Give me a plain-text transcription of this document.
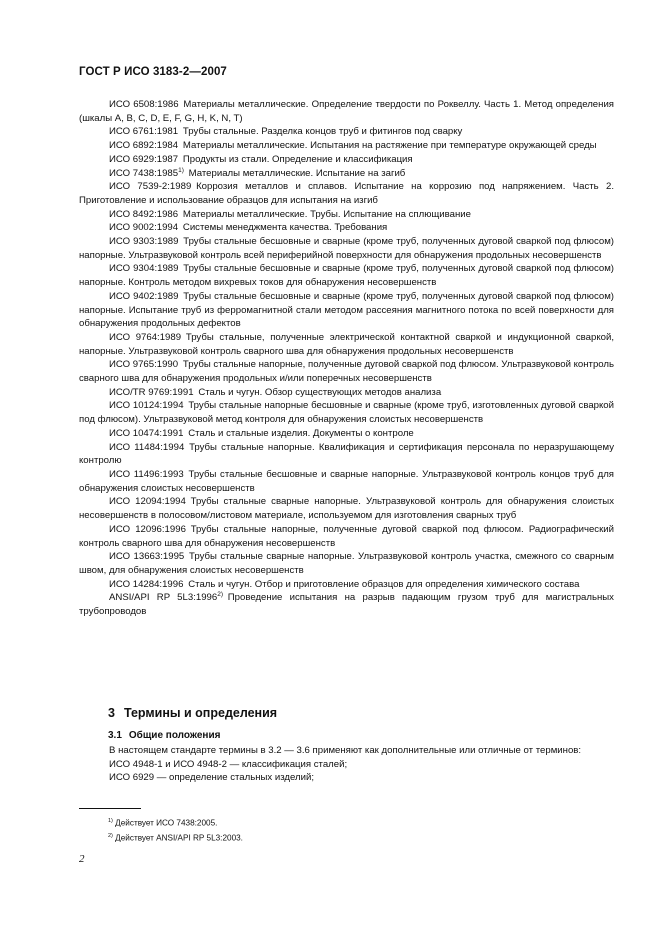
ГОСТ Р ИСО 3183-2—2007

ИСО 6508:1986  Материалы металлические. Определение твердости по Роквеллу. Часть 1. Метод определения (шкалы A, B, C, D, E, F, G, H, K, N, T)

ИСО 6761:1981  Трубы стальные. Разделка концов труб и фитингов под сварку

ИСО 6892:1984  Материалы металлические. Испытания на растяжение при температуре окружающей среды

ИСО 6929:1987  Продукты из стали. Определение и классификация

ИСО 7438:1985$^{1)}$  Материалы металлические. Испытание на загиб

ИСО 7539-2:1989  Коррозия металлов и сплавов. Испытание на коррозию под напряжением. Часть 2. Приготовление и использование образцов для испытания на изгиб

ИСО 8492:1986  Материалы металлические. Трубы. Испытание на сплющивание

ИСО 9002:1994  Системы менеджмента качества. Требования

ИСО 9303:1989  Трубы стальные бесшовные и сварные (кроме труб, полученных дуговой сваркой под флюсом) напорные. Ультразвуковой контроль всей периферийной поверхности для обнаружения продольных несовершенств

ИСО 9304:1989  Трубы стальные бесшовные и сварные (кроме труб, полученных дуговой сваркой под флюсом) напорные. Контроль методом вихревых токов для обнаружения несовершенств

ИСО 9402:1989  Трубы стальные бесшовные и сварные (кроме труб, полученных дуговой сваркой под флюсом) напорные. Испытание труб из ферромагнитной стали методом рассеяния магнитного потока по всей поверхности для обнаружения продольных дефектов

ИСО 9764:1989  Трубы стальные, полученные электрической контактной сваркой и индукционной сваркой, напорные. Ультразвуковой контроль сварного шва для обнаружения продольных несовершенств

ИСО 9765:1990  Трубы стальные напорные, полученные дуговой сваркой под флюсом. Ультразвуковой контроль сварного шва для обнаружения продольных и/или поперечных несовершенств

ИСО/TR 9769:1991  Сталь и чугун. Обзор существующих методов анализа

ИСО 10124:1994  Трубы стальные напорные бесшовные и сварные (кроме труб, изготовленных дуговой сваркой под флюсом). Ультразвуковой метод контроля для обнаружения слоистых несовершенств

ИСО 10474:1991  Сталь и стальные изделия. Документы о контроле

ИСО 11484:1994  Трубы стальные напорные. Квалификация и сертификация персонала по неразрушающему контролю

ИСО 11496:1993  Трубы стальные бесшовные и сварные напорные. Ультразвуковой контроль концов труб для обнаружения слоистых несовершенств

ИСО 12094:1994  Трубы стальные сварные напорные. Ультразвуковой контроль для обнаружения слоистых несовершенств в полосовом/листовом материале, используемом для изготовления сварных труб

ИСО 12096:1996  Трубы стальные напорные, полученные дуговой сваркой под флюсом. Радиографический контроль сварного шва для обнаружения несовершенств

ИСО 13663:1995  Трубы стальные сварные напорные. Ультразвуковой контроль участка, смежного со сварным швом, для обнаружения слоистых несовершенств

ИСО 14284:1996  Сталь и чугун. Отбор и приготовление образцов для определения химического состава

ANSI/API RP 5L3:1996$^{2)}$  Проведение испытания на разрыв падающим грузом труб для магистральных трубопроводов

3 Термины и определения
3.1 Общие положения

В настоящем стандарте термины в 3.2 — 3.6 применяют как дополнительные или отличные от терминов:

ИСО 4948-1 и ИСО 4948-2 — классификация сталей;

ИСО 6929 — определение стальных изделий;

$^{1)}$ Действует ИСО 7438:2005.
$^{2)}$ Действует ANSI/API RP 5L3:2003.
2
